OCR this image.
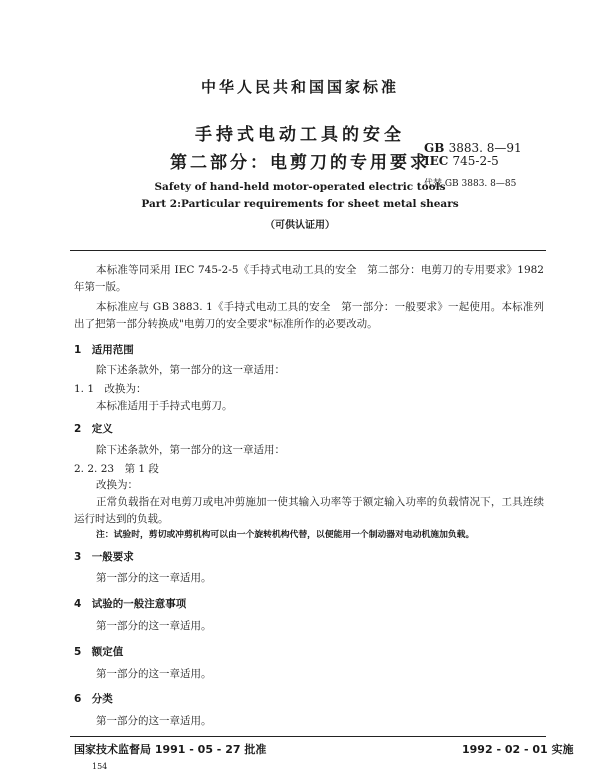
中华人民共和国国家标准
手持式电动工具的安全
第二部分：电剪刀的专用要求
GB 3883. 8—91
IEC 745-2-5
代替 GB 3883. 8—85
Safety of hand-held motor-operated electric tools
Part 2:Particular requirements for sheet metal shears
（可供认证用）
本标准等同采用 IEC 745-2-5《手持式电动工具的安全　第二部分：电剪刀的专用要求》1982 年第一版。
本标准应与 GB 3883. 1《手持式电动工具的安全　第一部分：一般要求》一起使用。本标准列出了把第一部分转换成"电剪刀的安全要求"标准所作的必要改动。
1　适用范围
除下述条款外，第一部分的这一章适用：
1. 1　改换为：
本标准适用于手持式电剪刀。
2　定义
除下述条款外，第一部分的这一章适用：
2. 2. 23　第 1 段
改换为：
正常负载指在对电剪刀或电冲剪施加一使其输入功率等于额定输入功率的负载情况下，工具连续运行时达到的负载。
注：试验时，剪切或冲剪机构可以由一个旋转机构代替，以便能用一个制动器对电动机施加负载。
3　一般要求
第一部分的这一章适用。
4　试验的一般注意事项
第一部分的这一章适用。
5　额定值
第一部分的这一章适用。
6　分类
第一部分的这一章适用。
国家技术监督局 1991 - 05 - 27 批准	1992 - 02 - 01 实施
154
